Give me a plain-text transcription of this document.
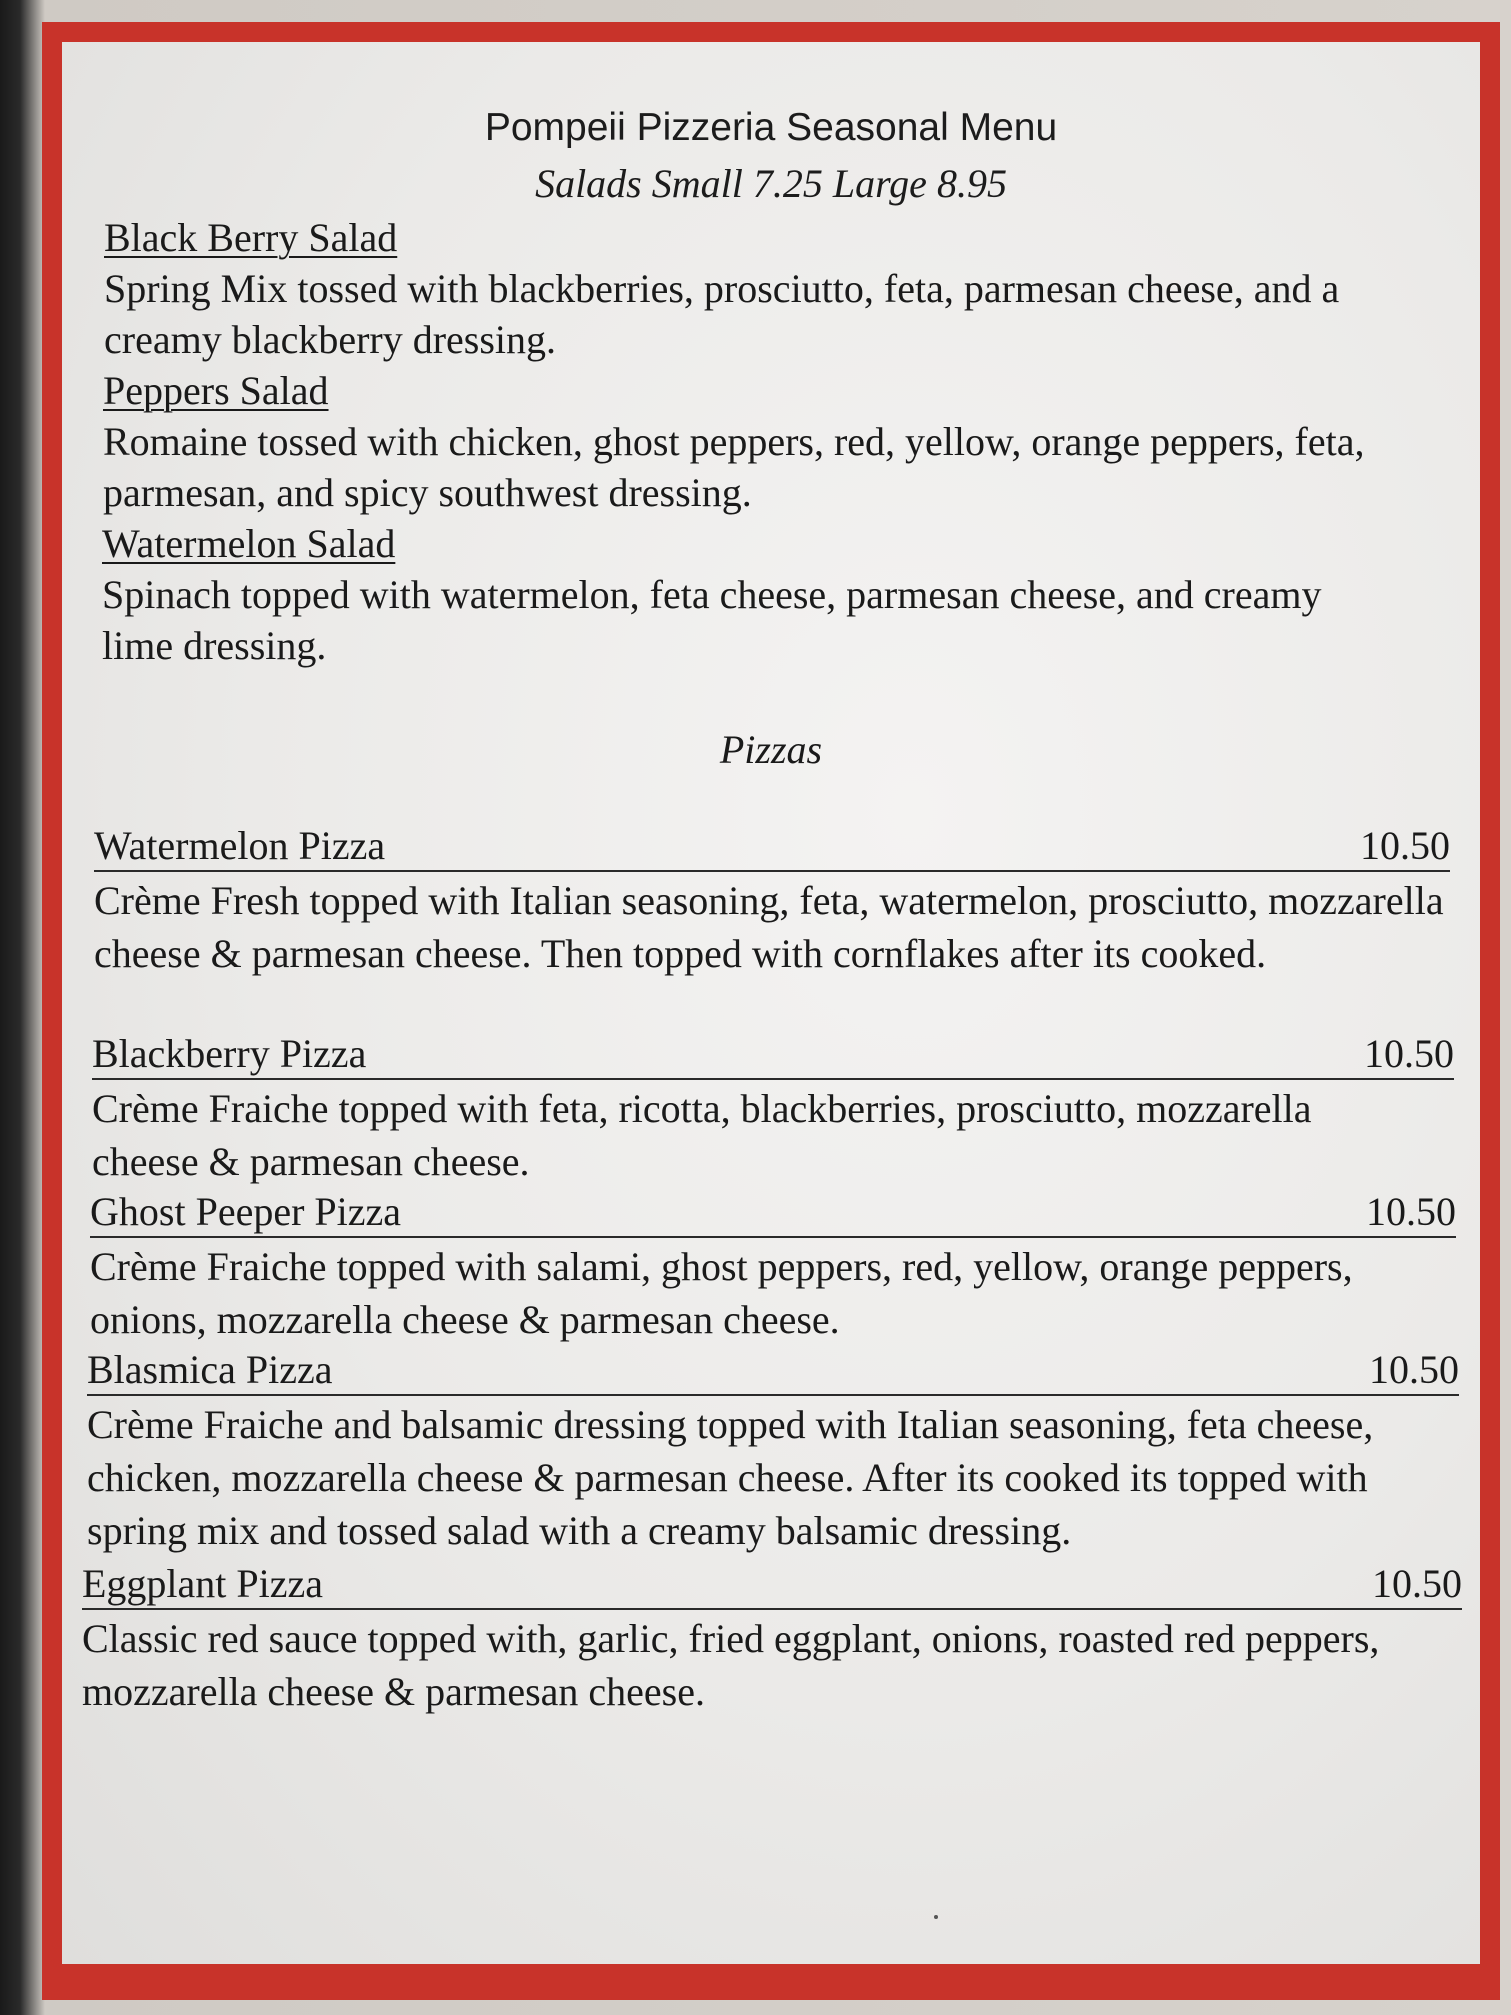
Pompeii Pizzeria Seasonal Menu
Salads Small 7.25 Large 8.95
Black Berry Salad
Spring Mix tossed with blackberries, prosciutto, feta, parmesan cheese, and a creamy blackberry dressing.
Peppers Salad
Romaine tossed with chicken, ghost peppers, red, yellow, orange peppers, feta, parmesan, and spicy southwest dressing.
Watermelon Salad
Spinach topped with watermelon, feta cheese, parmesan cheese, and creamy lime dressing.
Pizzas
Watermelon Pizza	10.50
Crème Fresh topped with Italian seasoning, feta, watermelon, prosciutto, mozzarella cheese & parmesan cheese. Then topped with cornflakes after its cooked.
Blackberry Pizza	10.50
Crème Fraiche topped with feta, ricotta, blackberries, prosciutto, mozzarella cheese & parmesan cheese.
Ghost Peeper Pizza	10.50
Crème Fraiche topped with salami, ghost peppers, red, yellow, orange peppers, onions, mozzarella cheese & parmesan cheese.
Blasmica Pizza	10.50
Crème Fraiche and balsamic dressing topped with Italian seasoning, feta cheese, chicken, mozzarella cheese & parmesan cheese. After its cooked its topped with spring mix and tossed salad with a creamy balsamic dressing.
Eggplant Pizza	10.50
Classic red sauce topped with, garlic, fried eggplant, onions, roasted red peppers, mozzarella cheese & parmesan cheese.
